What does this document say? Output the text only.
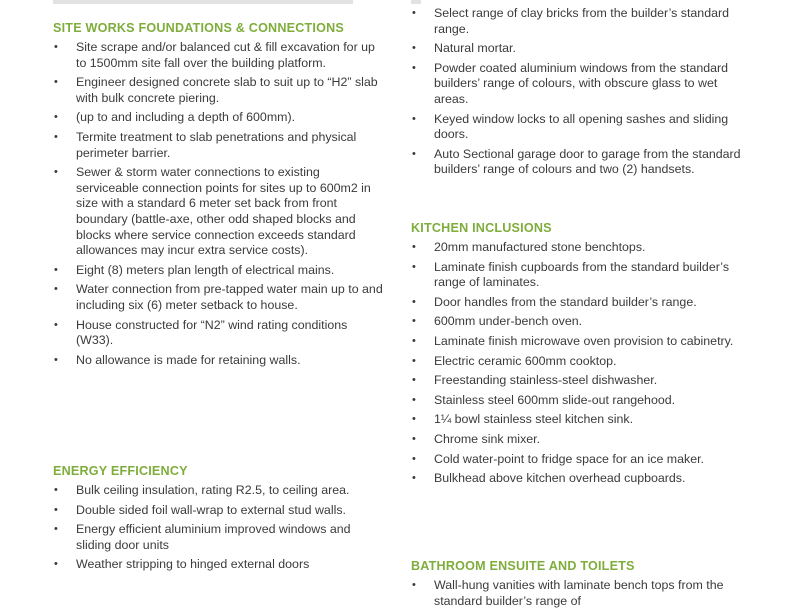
SITE WORKS FOUNDATIONS & CONNECTIONS
• Site scrape and/or balanced cut & fill excavation for up to 1500mm site fall over the building platform.
• Engineer designed concrete slab to suit up to “H2” slab with bulk concrete piering.
• (up to and including a depth of 600mm).
• Termite treatment to slab penetrations and physical perimeter barrier.
• Sewer & storm water connections to existing serviceable connection points for sites up to 600m2 in size with a standard 6 meter set back from front boundary (battle-axe, other odd shaped blocks and blocks where service connection exceeds standard allowances may incur extra service costs).
• Eight (8) meters plan length of electrical mains.
• Water connection from pre-tapped water main up to and including six (6) meter setback to house.
• House constructed for “N2” wind rating conditions (W33).
• No allowance is made for retaining walls.
ENERGY EFFICIENCY
• Bulk ceiling insulation, rating R2.5, to ceiling area.
• Double sided foil wall-wrap to external stud walls.
• Energy efficient aluminium improved windows and sliding door units
• Weather stripping to hinged external doors
• Select range of clay bricks from the builder’s standard range.
• Natural mortar.
• Powder coated aluminium windows from the standard builders’ range of colours, with obscure glass to wet areas.
• Keyed window locks to all opening sashes and sliding doors.
• Auto Sectional garage door to garage from the standard builders’ range of colours and two (2) handsets.
KITCHEN INCLUSIONS
• 20mm manufactured stone benchtops.
• Laminate finish cupboards from the standard builder’s range of laminates.
• Door handles from the standard builder’s range.
• 600mm under-bench oven.
• Laminate finish microwave oven provision to cabinetry.
• Electric ceramic 600mm cooktop.
• Freestanding stainless-steel dishwasher.
• Stainless steel 600mm slide-out rangehood.
• 1¼ bowl stainless steel kitchen sink.
• Chrome sink mixer.
• Cold water-point to fridge space for an ice maker.
• Bulkhead above kitchen overhead cupboards.
BATHROOM ENSUITE AND TOILETS
• Wall-hung vanities with laminate bench tops from the standard builder’s range of
